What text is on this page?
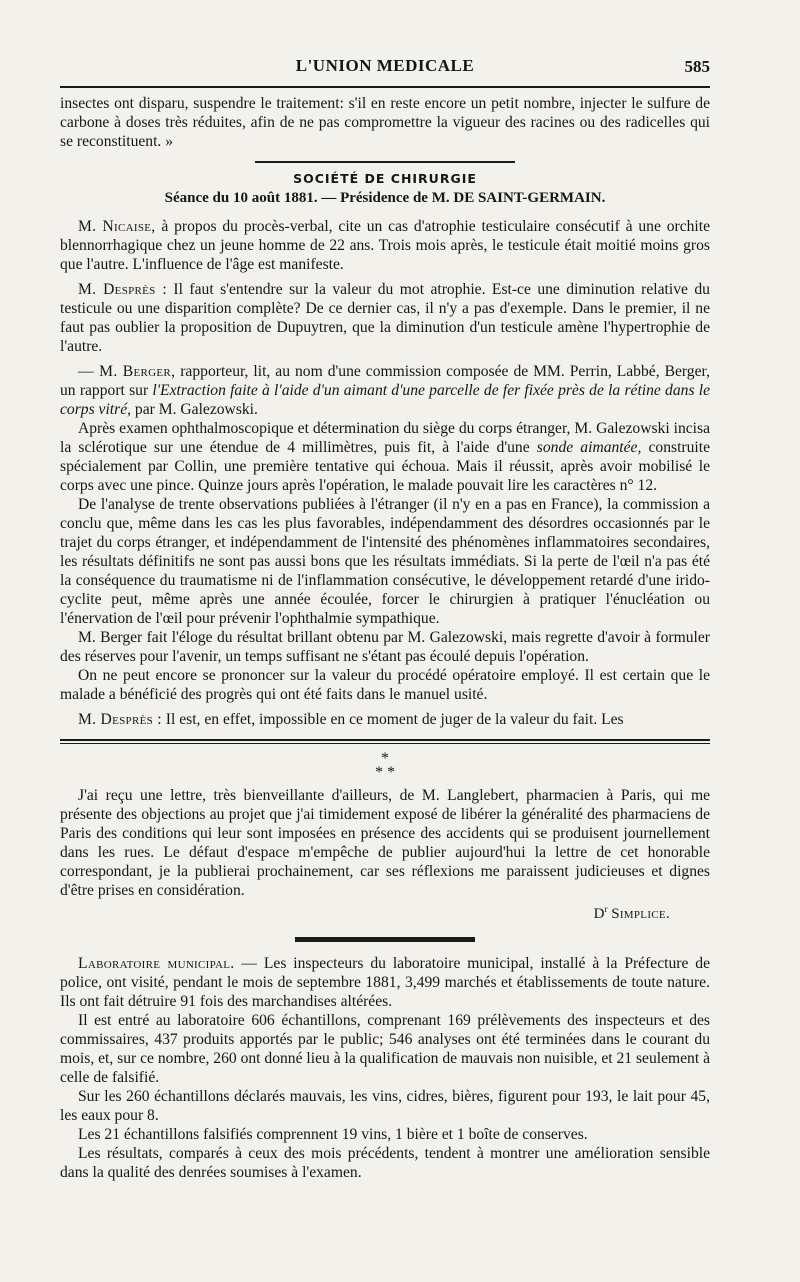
L'UNION MEDICALE	585

insectes ont disparu, suspendre le traitement: s'il en reste encore un petit nombre, injecter le sulfure de carbone à doses très réduites, afin de ne pas compromettre la vigueur des racines ou des radicelles qui se reconstituent. »

SOCIÉTÉ DE CHIRURGIE
Séance du 10 août 1881. — Présidence de M. DE SAINT-GERMAIN.

M. Nicaise, à propos du procès-verbal, cite un cas d'atrophie testiculaire consécutif à une orchite blennorrhagique chez un jeune homme de 22 ans. Trois mois après, le testicule était moitié moins gros que l'autre. L'influence de l'âge est manifeste.

M. Desprès : Il faut s'entendre sur la valeur du mot atrophie. Est-ce une diminution relative du testicule ou une disparition complète? De ce dernier cas, il n'y a pas d'exemple. Dans le premier, il ne faut pas oublier la proposition de Dupuytren, que la diminution d'un testicule amène l'hypertrophie de l'autre.

— M. Berger, rapporteur, lit, au nom d'une commission composée de MM. Perrin, Labbé, Berger, un rapport sur l'Extraction faite à l'aide d'un aimant d'une parcelle de fer fixée près de la rétine dans le corps vitré, par M. Galezowski.

Après examen ophthalmoscopique et détermination du siège du corps étranger, M. Galezowski incisa la sclérotique sur une étendue de 4 millimètres, puis fit, à l'aide d'une sonde aimantée, construite spécialement par Collin, une première tentative qui échoua. Mais il réussit, après avoir mobilisé le corps avec une pince. Quinze jours après l'opération, le malade pouvait lire les caractères n° 12.

De l'analyse de trente observations publiées à l'étranger (il n'y en a pas en France), la commission a conclu que, même dans les cas les plus favorables, indépendamment des désordres occasionnés par le trajet du corps étranger, et indépendamment de l'intensité des phénomènes inflammatoires secondaires, les résultats définitifs ne sont pas aussi bons que les résultats immédiats. Si la perte de l'œil n'a pas été la conséquence du traumatisme ni de l'inflammation consécutive, le développement retardé d'une irido-cyclite peut, même après une année écoulée, forcer le chirurgien à pratiquer l'énucléation ou l'énervation de l'œil pour prévenir l'ophthalmie sympathique.

M. Berger fait l'éloge du résultat brillant obtenu par M. Galezowski, mais regrette d'avoir à formuler des réserves pour l'avenir, un temps suffisant ne s'étant pas écoulé depuis l'opération.

On ne peut encore se prononcer sur la valeur du procédé opératoire employé. Il est certain que le malade a bénéficié des progrès qui ont été faits dans le manuel usité.

M. Desprès : Il est, en effet, impossible en ce moment de juger de la valeur du fait. Les

*
* *

J'ai reçu une lettre, très bienveillante d'ailleurs, de M. Langlebert, pharmacien à Paris, qui me présente des objections au projet que j'ai timidement exposé de libérer la généralité des pharmaciens de Paris des conditions qui leur sont imposées en présence des accidents qui se produisent journellement dans les rues. Le défaut d'espace m'empêche de publier aujourd'hui la lettre de cet honorable correspondant, je la publierai prochainement, car ses réflexions me paraissent judicieuses et dignes d'être prises en considération.

$D^r$ Simplice.

Laboratoire municipal. — Les inspecteurs du laboratoire municipal, installé à la Préfecture de police, ont visité, pendant le mois de septembre 1881, 3,499 marchés et établissements de toute nature. Ils ont fait détruire 91 fois des marchandises altérées.

Il est entré au laboratoire 606 échantillons, comprenant 169 prélèvements des inspecteurs et des commissaires, 437 produits apportés par le public; 546 analyses ont été terminées dans le courant du mois, et, sur ce nombre, 260 ont donné lieu à la qualification de mauvais non nuisible, et 21 seulement à celle de falsifié.

Sur les 260 échantillons déclarés mauvais, les vins, cidres, bières, figurent pour 193, le lait pour 45, les eaux pour 8.

Les 21 échantillons falsifiés comprennent 19 vins, 1 bière et 1 boîte de conserves.

Les résultats, comparés à ceux des mois précédents, tendent à montrer une amélioration sensible dans la qualité des denrées soumises à l'examen.
